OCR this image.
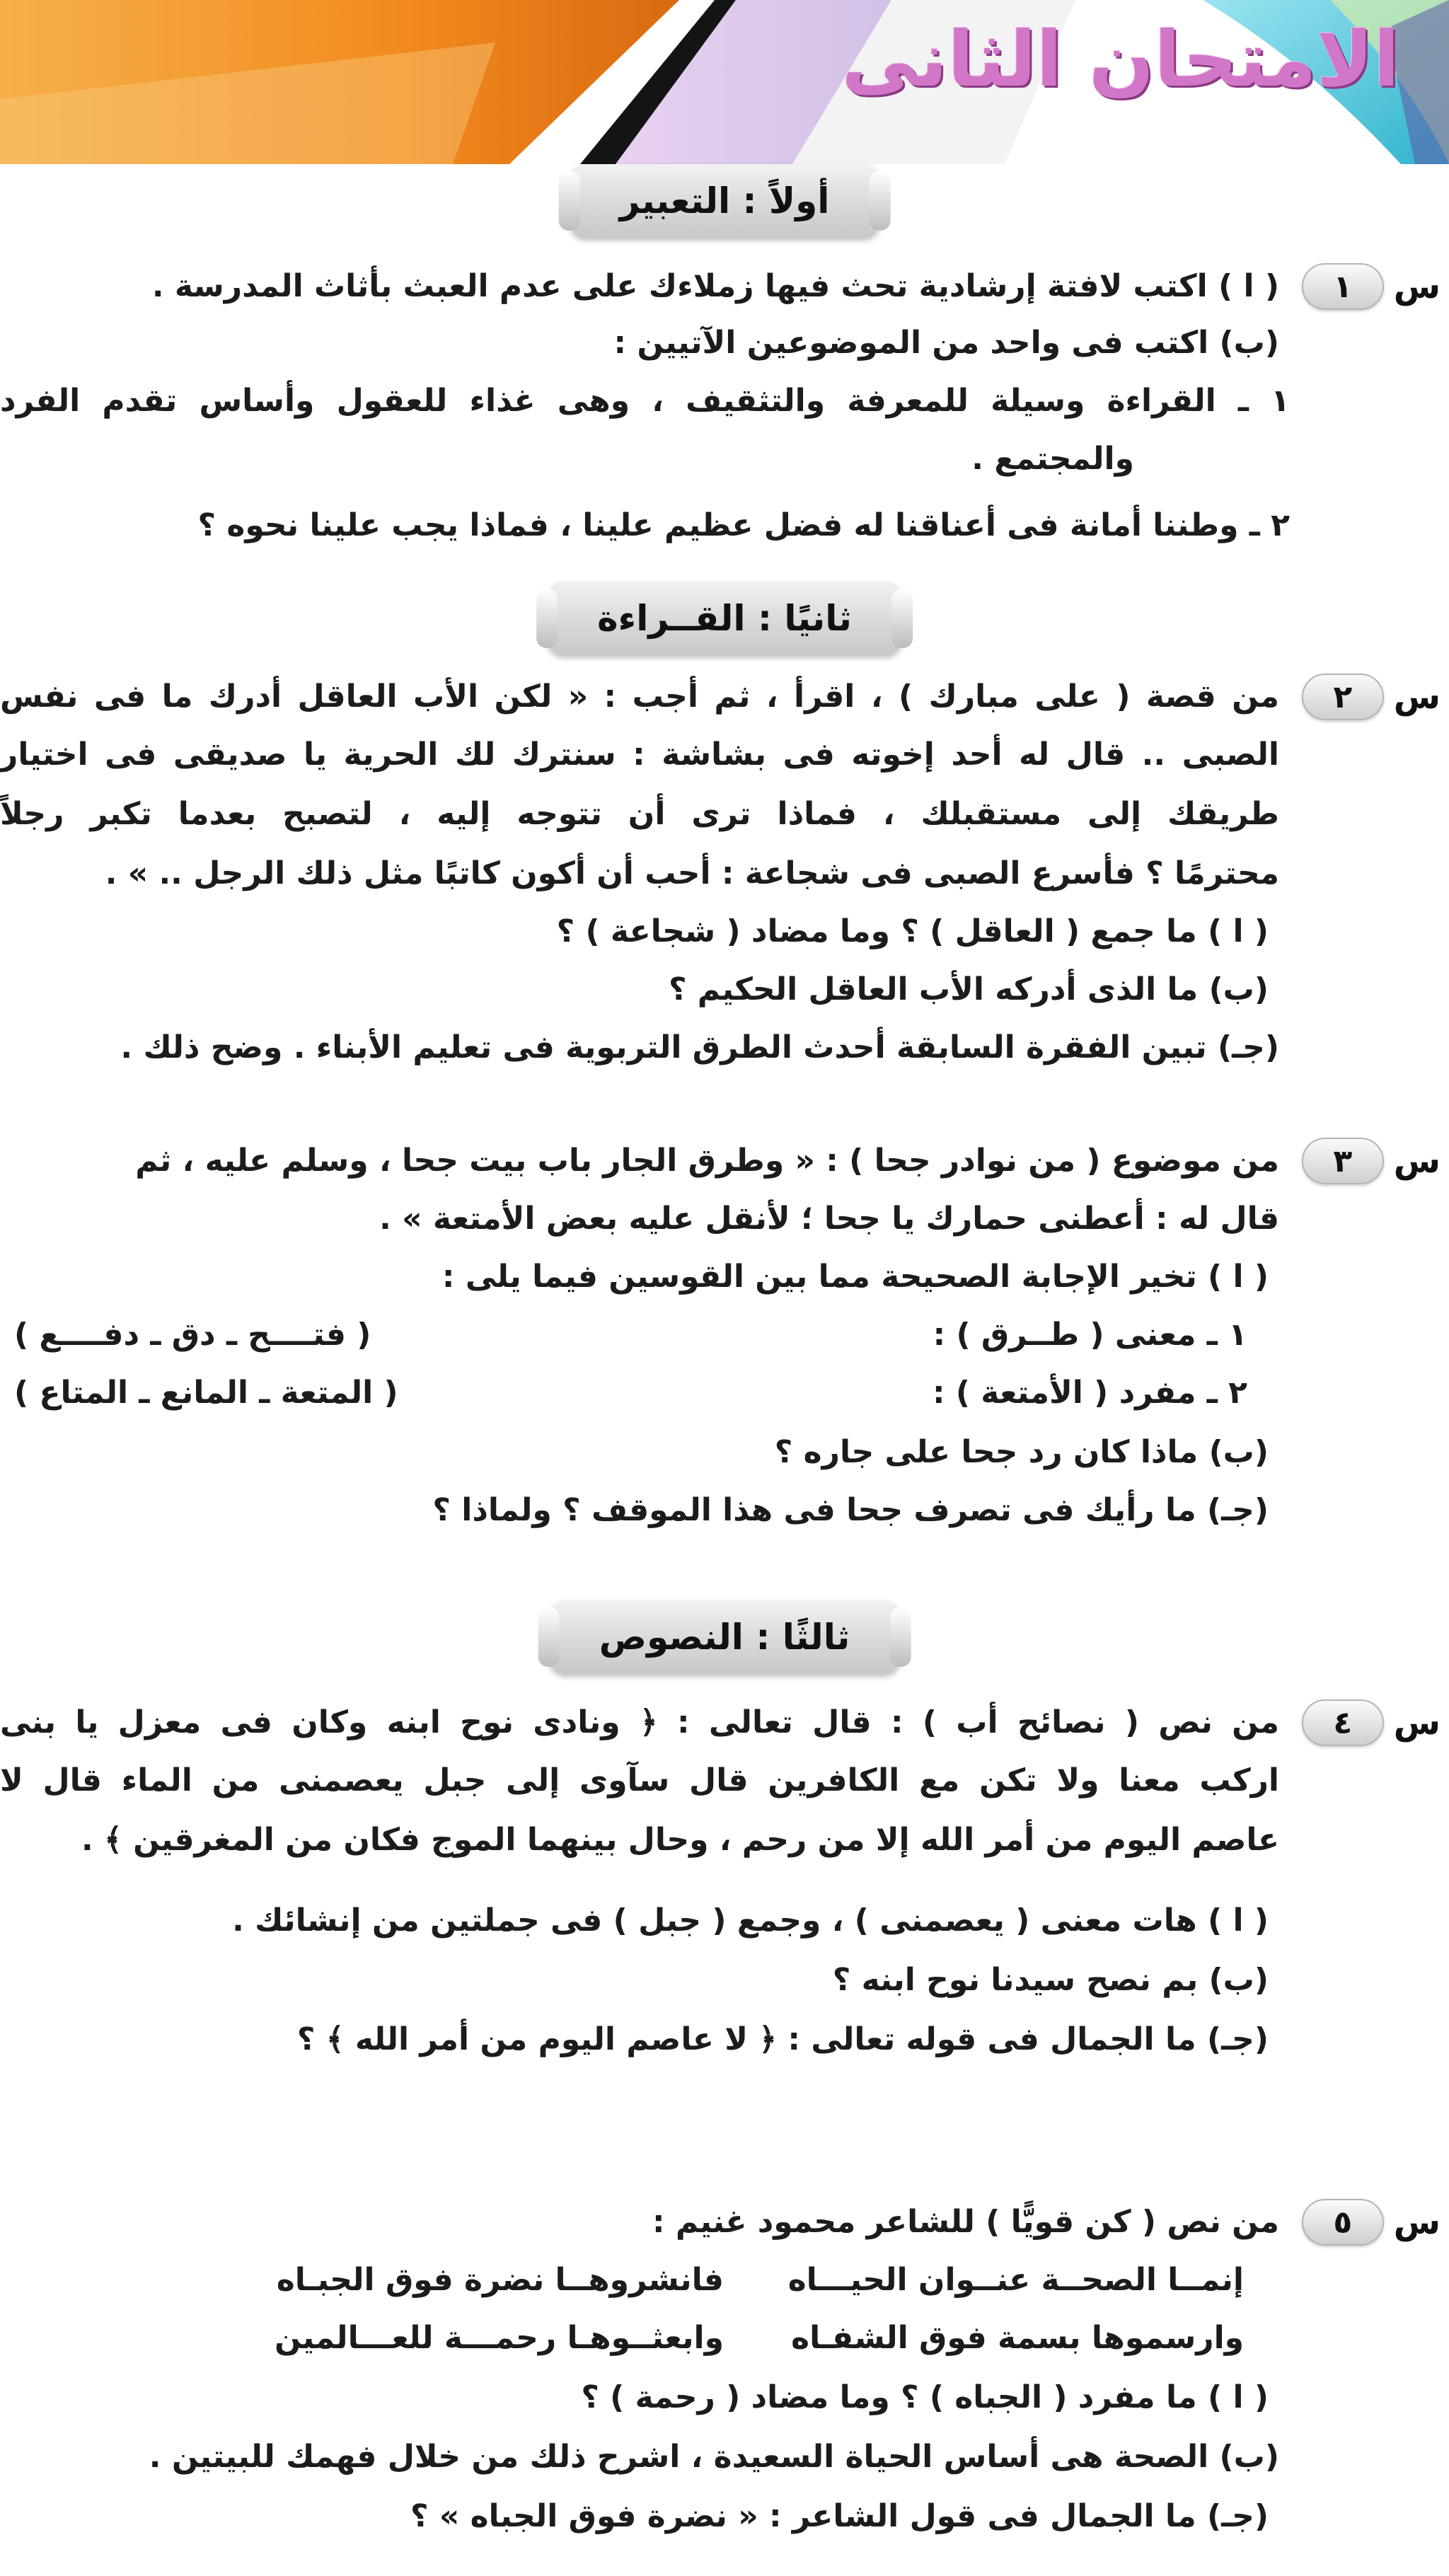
الامتحان الثانى
أولاً : التعبير
س
١
( ا ) اكتب لافتة إرشادية تحث فيها زملاءك على عدم العبث بأثاث المدرسة .
(ب) اكتب فى واحد من الموضوعين الآتيين :
١ ـ القراءة وسيلة للمعرفة والتثقيف ، وهى غذاء للعقول وأساس تقدم الفرد
والمجتمع .
٢ ـ وطننا أمانة فى أعناقنا له فضل عظيم علينا ، فماذا يجب علينا نحوه ؟
ثانيًا : القــراءة
س
٢
من قصة ( على مبارك ) ، اقرأ ، ثم أجب : « لكن الأب العاقل أدرك ما فى نفس
الصبى .. قال له أحد إخوته فى بشاشة : سنترك لك الحرية يا صديقى فى اختيار
طريقك إلى مستقبلك ، فماذا ترى أن تتوجه إليه ، لتصبح بعدما تكبر رجلاً
محترمًا ؟ فأسرع الصبى فى شجاعة : أحب أن أكون كاتبًا مثل ذلك الرجل .. » .
( ا ) ما جمع ( العاقل ) ؟ وما مضاد ( شجاعة ) ؟
(ب) ما الذى أدركه الأب العاقل الحكيم ؟
(جـ) تبين الفقرة السابقة أحدث الطرق التربوية فى تعليم الأبناء . وضح ذلك .
س
٣
من موضوع ( من نوادر جحا ) : « وطرق الجار باب بيت جحا ، وسلم عليه ، ثم
قال له : أعطنى حمارك يا جحا ؛ لأنقل عليه بعض الأمتعة » .
( ا ) تخير الإجابة الصحيحة مما بين القوسين فيما يلى :
١ ـ معنى ( طــرق ) :
( فتــــح ـ دق ـ دفــــع )
٢ ـ مفرد ( الأمتعة ) :
( المتعة ـ المانع ـ المتاع )
(ب) ماذا كان رد جحا على جاره ؟
(جـ) ما رأيك فى تصرف جحا فى هذا الموقف ؟ ولماذا ؟
ثالثًا : النصوص
س
٤
من نص ( نصائح أب ) : قال تعالى : ﴿ ونادى نوح ابنه وكان فى معزل يا بنى
اركب معنا ولا تكن مع الكافرين قال سآوى إلى جبل يعصمنى من الماء قال لا
عاصم اليوم من أمر الله إلا من رحم ، وحال بينهما الموج فكان من المغرقين ﴾ .
( ا ) هات معنى ( يعصمنى ) ، وجمع ( جبل ) فى جملتين من إنشائك .
(ب) بم نصح سيدنا نوح ابنه ؟
(جـ) ما الجمال فى قوله تعالى : ﴿ لا عاصم اليوم من أمر الله ﴾ ؟
س
٥
من نص ( كن قويًّا ) للشاعر محمود غنيم :
إنمــا الصحــة عنــوان الحيـــاه
فانشروهــا نضرة فوق الجبـاه
وارسموها بسمة فوق الشفـاه
وابعثــوهـا رحمـــة للعـــالمين
( ا ) ما مفرد ( الجباه ) ؟ وما مضاد ( رحمة ) ؟
(ب) الصحة هى أساس الحياة السعيدة ، اشرح ذلك من خلال فهمك للبيتين .
(جـ) ما الجمال فى قول الشاعر : « نضرة فوق الجباه » ؟
